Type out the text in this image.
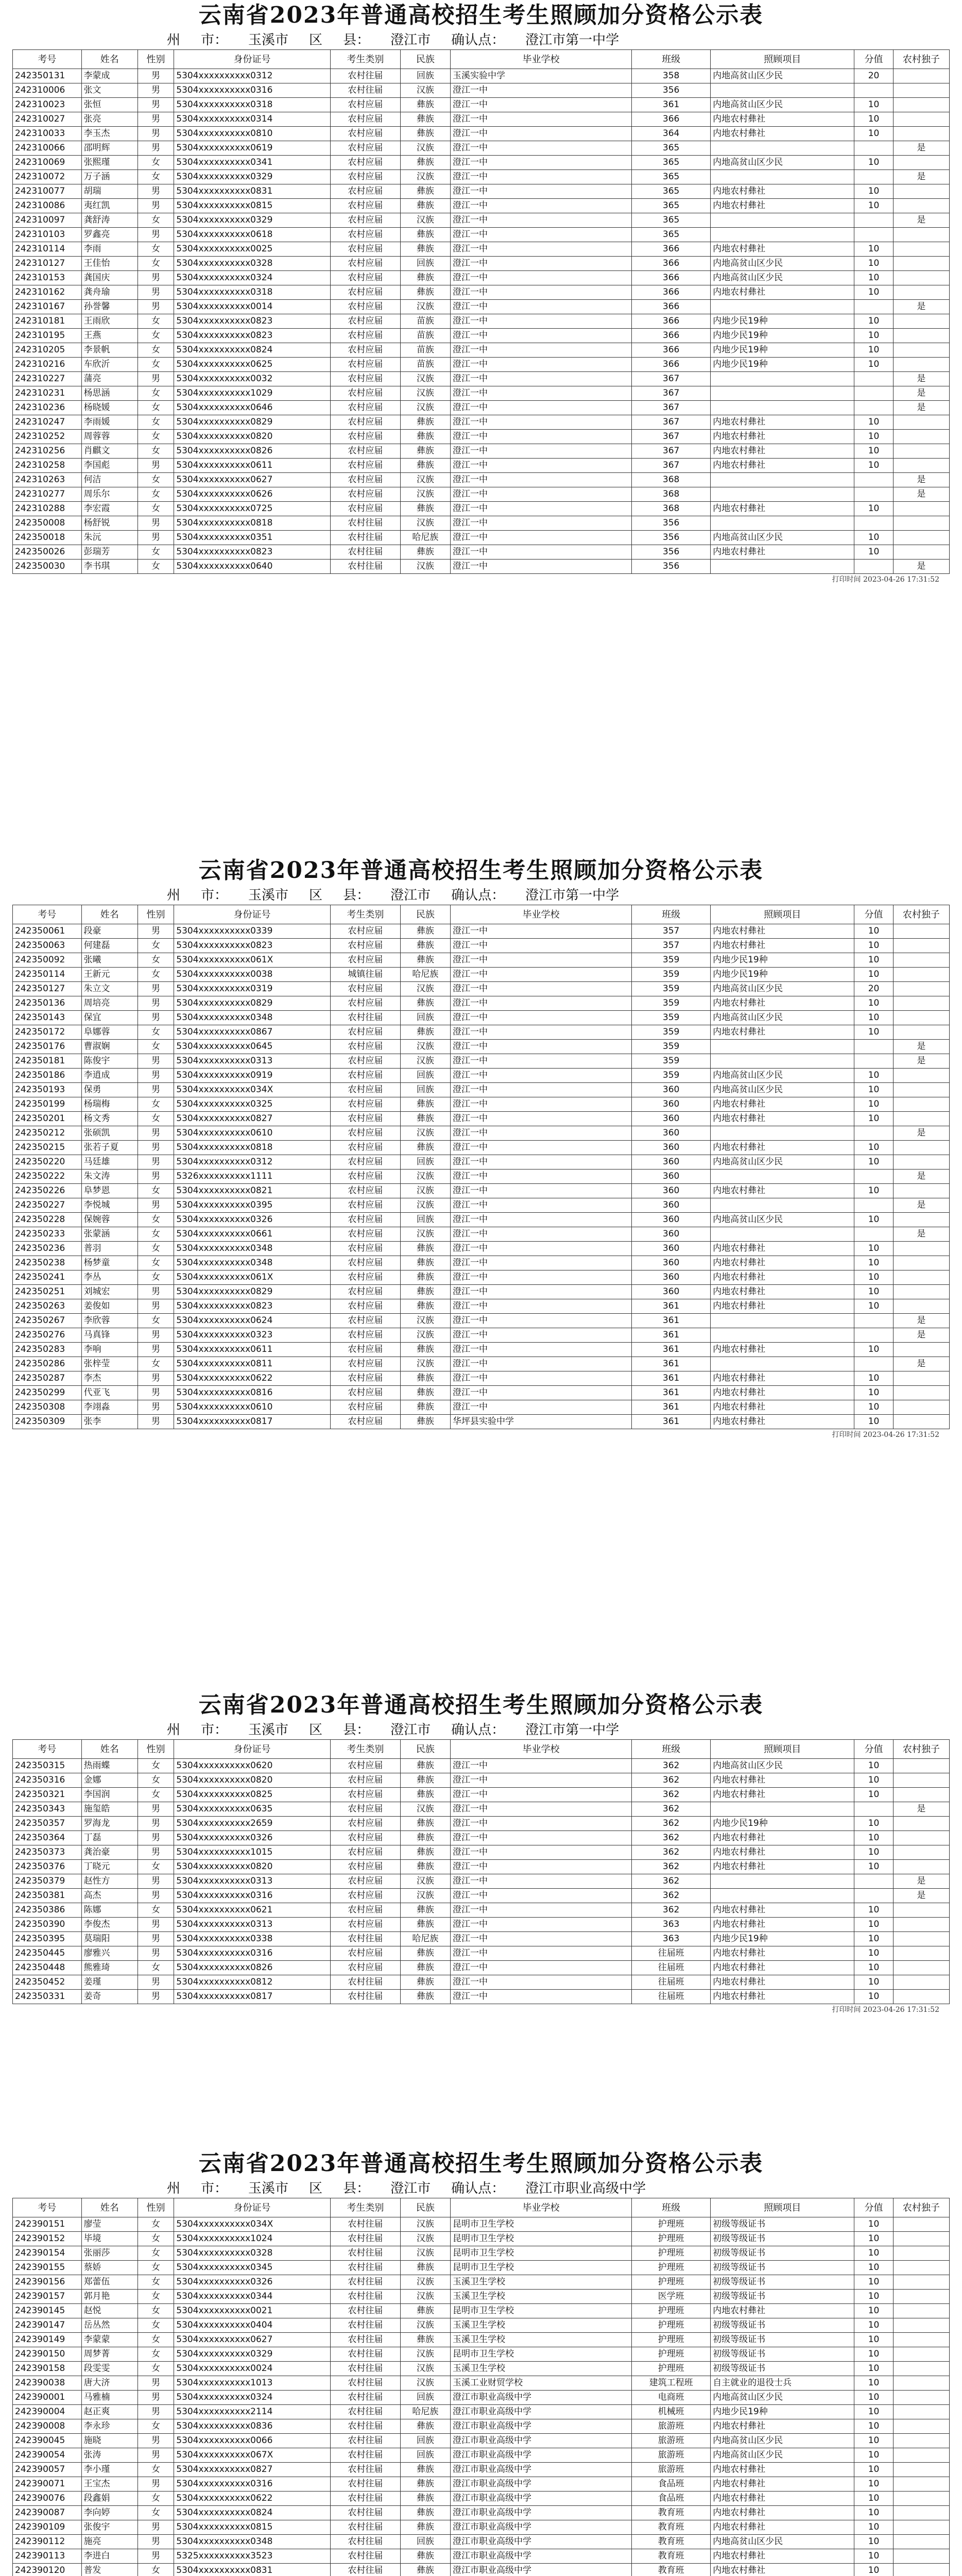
云南省2023年普通高校招生考生照顾加分资格公示表
州 市： 玉溪市 区 县： 澄江市 确认点： 澄江市第一中学
考号	姓名	性别	身份证号	考生类别	民族	毕业学校	班级	照顾项目	分值	农村独子
242350131	李蒙成	男	5304xxxxxxxxxx0312	农村往届	回族	玉溪实验中学	358	内地高贫山区少民	20	
242310006	张文	男	5304xxxxxxxxxx0316	农村往届	汉族	澄江一中	356			
242310023	张恒	男	5304xxxxxxxxxx0318	农村应届	彝族	澄江一中	361	内地高贫山区少民	10	
242310027	张亮	男	5304xxxxxxxxxx0314	农村应届	彝族	澄江一中	366	内地农村彝社	10	
242310033	李玉杰	男	5304xxxxxxxxxx0810	农村应届	彝族	澄江一中	364	内地农村彝社	10	
242310066	邵明辉	男	5304xxxxxxxxxx0619	农村应届	汉族	澄江一中	365			是
242310069	张熙瑾	女	5304xxxxxxxxxx0341	农村应届	彝族	澄江一中	365	内地高贫山区少民	10	
242310072	万子涵	女	5304xxxxxxxxxx0329	农村应届	汉族	澄江一中	365			是
242310077	胡瑞	男	5304xxxxxxxxxx0831	农村应届	彝族	澄江一中	365	内地农村彝社	10	
242310086	夷红凯	男	5304xxxxxxxxxx0815	农村应届	彝族	澄江一中	365	内地农村彝社	10	
242310097	龚舒涛	女	5304xxxxxxxxxx0329	农村应届	汉族	澄江一中	365			是
242310103	罗鑫亮	男	5304xxxxxxxxxx0618	农村应届	彝族	澄江一中	365			
242310114	李雨	女	5304xxxxxxxxxx0025	农村应届	彝族	澄江一中	366	内地农村彝社	10	
242310127	王佳怡	女	5304xxxxxxxxxx0328	农村应届	回族	澄江一中	366	内地高贫山区少民	10	
242310153	龚国庆	男	5304xxxxxxxxxx0324	农村应届	彝族	澄江一中	366	内地高贫山区少民	10	
242310162	龚舟瑜	男	5304xxxxxxxxxx0318	农村应届	彝族	澄江一中	366	内地农村彝社	10	
242310167	孙誉馨	男	5304xxxxxxxxxx0014	农村应届	汉族	澄江一中	366			是
242310181	王雨欣	女	5304xxxxxxxxxx0823	农村应届	苗族	澄江一中	366	内地少民19种	10	
242310195	王燕	女	5304xxxxxxxxxx0823	农村应届	苗族	澄江一中	366	内地少民19种	10	
242310205	李景帆	女	5304xxxxxxxxxx0824	农村应届	苗族	澄江一中	366	内地少民19种	10	
242310216	车欣沂	女	5304xxxxxxxxxx0625	农村应届	苗族	澄江一中	366	内地少民19种	10	
242310227	蒲亮	男	5304xxxxxxxxxx0032	农村应届	汉族	澄江一中	367			是
242310231	杨思涵	女	5304xxxxxxxxxx1029	农村应届	汉族	澄江一中	367			是
242310236	杨晓媛	女	5304xxxxxxxxxx0646	农村应届	汉族	澄江一中	367			是
242310247	李雨媛	女	5304xxxxxxxxxx0829	农村应届	彝族	澄江一中	367	内地农村彝社	10	
242310252	周蓉蓉	女	5304xxxxxxxxxx0820	农村应届	彝族	澄江一中	367	内地农村彝社	10	
242310256	肖麒文	女	5304xxxxxxxxxx0826	农村应届	彝族	澄江一中	367	内地农村彝社	10	
242310258	李国彪	男	5304xxxxxxxxxx0611	农村应届	彝族	澄江一中	367	内地农村彝社	10	
242310263	何洁	女	5304xxxxxxxxxx0627	农村应届	汉族	澄江一中	368			是
242310277	周乐尔	女	5304xxxxxxxxxx0626	农村应届	汉族	澄江一中	368			是
242310288	李宏霞	女	5304xxxxxxxxxx0725	农村应届	彝族	澄江一中	368	内地农村彝社	10	
242350008	杨舒锐	男	5304xxxxxxxxxx0818	农村往届	汉族	澄江一中	356			
242350018	朱沅	男	5304xxxxxxxxxx0351	农村往届	哈尼族	澄江一中	356	内地高贫山区少民	10	
242350026	彭瑞芳	女	5304xxxxxxxxxx0823	农村往届	彝族	澄江一中	356	内地农村彝社	10	
242350030	李书琪	女	5304xxxxxxxxxx0640	农村往届	汉族	澄江一中	356			是
打印时间 2023-04-26 17:31:52
云南省2023年普通高校招生考生照顾加分资格公示表
州 市： 玉溪市 区 县： 澄江市 确认点： 澄江市第一中学
考号	姓名	性别	身份证号	考生类别	民族	毕业学校	班级	照顾项目	分值	农村独子
242350061	段豪	男	5304xxxxxxxxxx0339	农村应届	彝族	澄江一中	357	内地农村彝社	10	
242350063	何建磊	女	5304xxxxxxxxxx0823	农村应届	彝族	澄江一中	357	内地农村彝社	10	
242350092	张曦	女	5304xxxxxxxxxx061X	农村应届	彝族	澄江一中	359	内地少民19种	10	
242350114	王新元	女	5304xxxxxxxxxx0038	城镇往届	哈尼族	澄江一中	359	内地少民19种	10	
242350127	朱立文	男	5304xxxxxxxxxx0319	农村应届	汉族	澄江一中	359	内地高贫山区少民	20	
242350136	周培亮	男	5304xxxxxxxxxx0829	农村应届	彝族	澄江一中	359	内地农村彝社	10	
242350143	保宜	男	5304xxxxxxxxxx0348	农村往届	回族	澄江一中	359	内地高贫山区少民	10	
242350172	阜娜蓉	女	5304xxxxxxxxxx0867	农村应届	彝族	澄江一中	359	内地农村彝社	10	
242350176	曹淑娴	女	5304xxxxxxxxxx0645	农村应届	汉族	澄江一中	359			是
242350181	陈俊宇	男	5304xxxxxxxxxx0313	农村应届	汉族	澄江一中	359			是
242350186	李逍成	男	5304xxxxxxxxxx0919	农村应届	回族	澄江一中	359	内地高贫山区少民	10	
242350193	保勇	男	5304xxxxxxxxxx034X	农村应届	回族	澄江一中	360	内地高贫山区少民	10	
242350199	杨瑞梅	女	5304xxxxxxxxxx0325	农村应届	彝族	澄江一中	360	内地农村彝社	10	
242350201	杨文秀	女	5304xxxxxxxxxx0827	农村应届	彝族	澄江一中	360	内地农村彝社	10	
242350212	张硕凯	男	5304xxxxxxxxxx0610	农村应届	汉族	澄江一中	360			是
242350215	张若子夏	男	5304xxxxxxxxxx0818	农村应届	彝族	澄江一中	360	内地农村彝社	10	
242350220	马廷雄	男	5304xxxxxxxxxx0312	农村应届	回族	澄江一中	360	内地高贫山区少民	10	
242350222	朱文涛	男	5326xxxxxxxxxx1111	农村应届	汉族	澄江一中	360			是
242350226	阜梦恩	女	5304xxxxxxxxxx0821	农村应届	汉族	澄江一中	360	内地农村彝社	10	
242350227	李悦城	男	5304xxxxxxxxxx0395	农村应届	汉族	澄江一中	360			是
242350228	保婉蓉	女	5304xxxxxxxxxx0326	农村应届	回族	澄江一中	360	内地高贫山区少民	10	
242350233	张蒙涵	女	5304xxxxxxxxxx0661	农村应届	汉族	澄江一中	360			是
242350236	普羽	女	5304xxxxxxxxxx0348	农村应届	彝族	澄江一中	360	内地农村彝社	10	
242350238	杨梦童	女	5304xxxxxxxxxx0348	农村应届	彝族	澄江一中	360	内地农村彝社	10	
242350241	李丛	女	5304xxxxxxxxxx061X	农村应届	彝族	澄江一中	360	内地农村彝社	10	
242350251	刘城宏	男	5304xxxxxxxxxx0829	农村应届	彝族	澄江一中	360	内地农村彝社	10	
242350263	姜俊如	男	5304xxxxxxxxxx0823	农村应届	彝族	澄江一中	361	内地农村彝社	10	
242350267	李欣蓉	女	5304xxxxxxxxxx0624	农村应届	汉族	澄江一中	361			是
242350276	马真锋	男	5304xxxxxxxxxx0323	农村应届	汉族	澄江一中	361			是
242350283	李响	男	5304xxxxxxxxxx0611	农村应届	彝族	澄江一中	361	内地农村彝社	10	
242350286	张梓莹	女	5304xxxxxxxxxx0811	农村应届	汉族	澄江一中	361			是
242350287	李杰	男	5304xxxxxxxxxx0622	农村应届	彝族	澄江一中	361	内地农村彝社	10	
242350299	代亚飞	男	5304xxxxxxxxxx0816	农村应届	彝族	澄江一中	361	内地农村彝社	10	
242350308	李翊淼	男	5304xxxxxxxxxx0610	农村应届	彝族	澄江一中	361	内地农村彝社	10	
242350309	张李	男	5304xxxxxxxxxx0817	农村应届	彝族	华坪县实验中学	361	内地农村彝社	10	
打印时间 2023-04-26 17:31:52
云南省2023年普通高校招生考生照顾加分资格公示表
州 市： 玉溪市 区 县： 澄江市 确认点： 澄江市第一中学
考号	姓名	性别	身份证号	考生类别	民族	毕业学校	班级	照顾项目	分值	农村独子
242350315	热雨蝶	女	5304xxxxxxxxxx0620	农村应届	彝族	澄江一中	362	内地高贫山区少民	10	
242350316	金娜	女	5304xxxxxxxxxx0820	农村应届	彝族	澄江一中	362	内地农村彝社	10	
242350321	李国润	女	5304xxxxxxxxxx0825	农村应届	彝族	澄江一中	362	内地农村彝社	10	
242350343	施玺皓	男	5304xxxxxxxxxx0635	农村应届	汉族	澄江一中	362			是
242350357	罗海龙	男	5304xxxxxxxxxx2659	农村应届	彝族	澄江一中	362	内地少民19种	10	
242350364	丁磊	男	5304xxxxxxxxxx0326	农村应届	彝族	澄江一中	362	内地农村彝社	10	
242350373	龚治豪	男	5304xxxxxxxxxx1015	农村应届	彝族	澄江一中	362	内地农村彝社	10	
242350376	丁晓元	女	5304xxxxxxxxxx0820	农村应届	彝族	澄江一中	362	内地农村彝社	10	
242350379	赵性方	男	5304xxxxxxxxxx0313	农村应届	汉族	澄江一中	362			是
242350381	高杰	男	5304xxxxxxxxxx0316	农村应届	汉族	澄江一中	362			是
242350386	陈娜	女	5304xxxxxxxxxx0621	农村应届	彝族	澄江一中	362	内地农村彝社	10	
242350390	李俊杰	男	5304xxxxxxxxxx0313	农村应届	彝族	澄江一中	363	内地农村彝社	10	
242350395	莫瑞阳	男	5304xxxxxxxxxx0338	农村往届	哈尼族	澄江一中	363	内地少民19种	10	
242350445	廖雅兴	男	5304xxxxxxxxxx0316	农村应届	彝族	澄江一中	往届班	内地农村彝社	10	
242350448	熊雅琦	女	5304xxxxxxxxxx0826	农村应届	彝族	澄江一中	往届班	内地农村彝社	10	
242350452	姜瑾	男	5304xxxxxxxxxx0812	农村往届	彝族	澄江一中	往届班	内地农村彝社	10	
242350331	姜奇	男	5304xxxxxxxxxx0817	农村往届	彝族	澄江一中	往届班	内地农村彝社	10	
打印时间 2023-04-26 17:31:52
云南省2023年普通高校招生考生照顾加分资格公示表
州 市： 玉溪市 区 县： 澄江市 确认点： 澄江市职业高级中学
考号	姓名	性别	身份证号	考生类别	民族	毕业学校	班级	照顾项目	分值	农村独子
242390151	廖莹	女	5304xxxxxxxxxx034X	农村往届	汉族	昆明市卫生学校	护理班	初级等级证书	10	
242390152	毕境	女	5304xxxxxxxxxx1024	农村往届	汉族	昆明市卫生学校	护理班	初级等级证书	10	
242390154	张丽莎	女	5304xxxxxxxxxx0328	农村往届	汉族	昆明市卫生学校	护理班	初级等级证书	10	
242390155	蔡娇	女	5304xxxxxxxxxx0345	农村往届	彝族	昆明市卫生学校	护理班	初级等级证书	10	
242390156	郑蕾伍	女	5304xxxxxxxxxx0326	农村往届	汉族	玉溪卫生学校	护理班	初级等级证书	10	
242390157	郭月艳	女	5304xxxxxxxxxx0344	农村往届	汉族	玉溪卫生学校	医学班	初级等级证书	10	
242390145	赵悦	女	5304xxxxxxxxxx0021	农村往届	彝族	昆明市卫生学校	护理班	内地农村彝社	10	
242390147	岳丛然	女	5304xxxxxxxxxx0404	农村往届	汉族	玉溪卫生学校	护理班	初级等级证书	10	
242390149	李蒙蒙	女	5304xxxxxxxxxx0627	农村往届	彝族	玉溪卫生学校	护理班	初级等级证书	10	
242390150	周梦菁	女	5304xxxxxxxxxx0329	农村往届	汉族	昆明市卫生学校	护理班	初级等级证书	10	
242390158	段雯雯	女	5304xxxxxxxxxx0024	农村往届	汉族	玉溪卫生学校	护理班	初级等级证书	10	
242390038	唐大济	男	5304xxxxxxxxxx1013	农村往届	汉族	玉溪工业财贸学校	建筑工程班	自主就业的退役士兵	10	
242390001	马雅楠	男	5304xxxxxxxxxx0324	农村往届	回族	澄江市职业高级中学	电商班	内地高贫山区少民	10	
242390004	赵正爽	男	5304xxxxxxxxxx2114	农村往届	哈尼族	澄江市职业高级中学	机械班	内地少民19种	10	
242390008	李永珍	女	5304xxxxxxxxxx0836	农村往届	彝族	澄江市职业高级中学	旅游班	内地农村彝社	10	
242390045	施晓	男	5304xxxxxxxxxx0066	农村往届	回族	澄江市职业高级中学	旅游班	内地高贫山区少民	10	
242390054	张涛	男	5304xxxxxxxxxx067X	农村往届	回族	澄江市职业高级中学	旅游班	内地高贫山区少民	10	
242390057	李小瑾	女	5304xxxxxxxxxx0827	农村往届	彝族	澄江市职业高级中学	旅游班	内地农村彝社	10	
242390071	王宝杰	男	5304xxxxxxxxxx0316	农村往届	彝族	澄江市职业高级中学	食品班	内地农村彝社	10	
242390076	段鑫娟	女	5304xxxxxxxxxx0622	农村往届	彝族	澄江市职业高级中学	食品班	内地农村彝社	10	
242390087	李向婷	女	5304xxxxxxxxxx0824	农村往届	彝族	澄江市职业高级中学	教育班	内地农村彝社	10	
242390109	张俊宇	男	5304xxxxxxxxxx0815	农村往届	彝族	澄江市职业高级中学	教育班	内地农村彝社	10	
242390112	施亮	男	5304xxxxxxxxxx0348	农村往届	回族	澄江市职业高级中学	教育班	内地高贫山区少民	10	
242390113	李进白	男	5325xxxxxxxxxx3523	农村往届	彝族	澄江市职业高级中学	教育班	内地农村彝社	10	
242390120	普发	女	5304xxxxxxxxxx0831	农村往届	彝族	澄江市职业高级中学	教育班	内地农村彝社	10	
